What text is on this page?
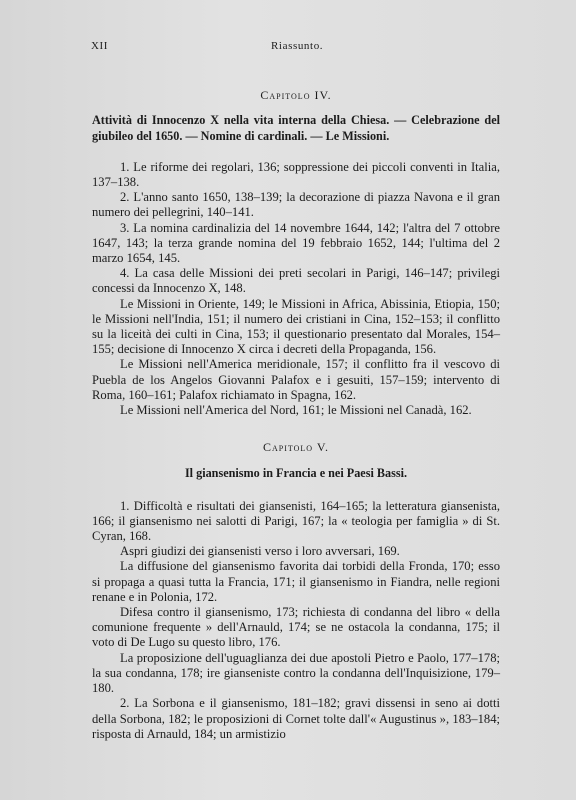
XII	Riassunto.
Capitolo IV.
Attività di Innocenzo X nella vita interna della Chiesa. — Celebrazione del giubileo del 1650. — Nomine di cardinali. — Le Missioni.

1. Le riforme dei regolari, 136; soppressione dei piccoli conventi in Italia, 137–138.

2. L'anno santo 1650, 138–139; la decorazione di piazza Navona e il gran numero dei pellegrini, 140–141.

3. La nomina cardinalizia del 14 novembre 1644, 142; l'altra del 7 ottobre 1647, 143; la terza grande nomina del 19 febbraio 1652, 144; l'ultima del 2 marzo 1654, 145.

4. La casa delle Missioni dei preti secolari in Parigi, 146–147; privilegi concessi da Innocenzo X, 148.

Le Missioni in Oriente, 149; le Missioni in Africa, Abissinia, Etiopia, 150; le Missioni nell'India, 151; il numero dei cristiani in Cina, 152–153; il conflitto su la liceità dei culti in Cina, 153; il questionario presentato dal Morales, 154–155; decisione di Innocenzo X circa i decreti della Propaganda, 156.

Le Missioni nell'America meridionale, 157; il conflitto fra il vescovo di Puebla de los Angelos Giovanni Palafox e i gesuiti, 157–159; intervento di Roma, 160–161; Palafox richiamato in Spagna, 162.

Le Missioni nell'America del Nord, 161; le Missioni nel Canadà, 162.

Capitolo V.
Il giansenismo in Francia e nei Paesi Bassi.

1. Difficoltà e risultati dei giansenisti, 164–165; la letteratura giansenista, 166; il giansenismo nei salotti di Parigi, 167; la « teologia per famiglia » di St. Cyran, 168.

Aspri giudizi dei giansenisti verso i loro avversari, 169.

La diffusione del giansenismo favorita dai torbidi della Fronda, 170; esso si propaga a quasi tutta la Francia, 171; il giansenismo in Fiandra, nelle regioni renane e in Polonia, 172.

Difesa contro il giansenismo, 173; richiesta di condanna del libro « della comunione frequente » dell'Arnauld, 174; se ne ostacola la condanna, 175; il voto di De Lugo su questo libro, 176.

La proposizione dell'uguaglianza dei due apostoli Pietro e Paolo, 177–178; la sua condanna, 178; ire gianseniste contro la condanna dell'Inquisizione, 179–180.

2. La Sorbona e il giansenismo, 181–182; gravi dissensi in seno ai dotti della Sorbona, 182; le proposizioni di Cornet tolte dall'« Augustinus », 183–184; risposta di Arnauld, 184; un armistizio
